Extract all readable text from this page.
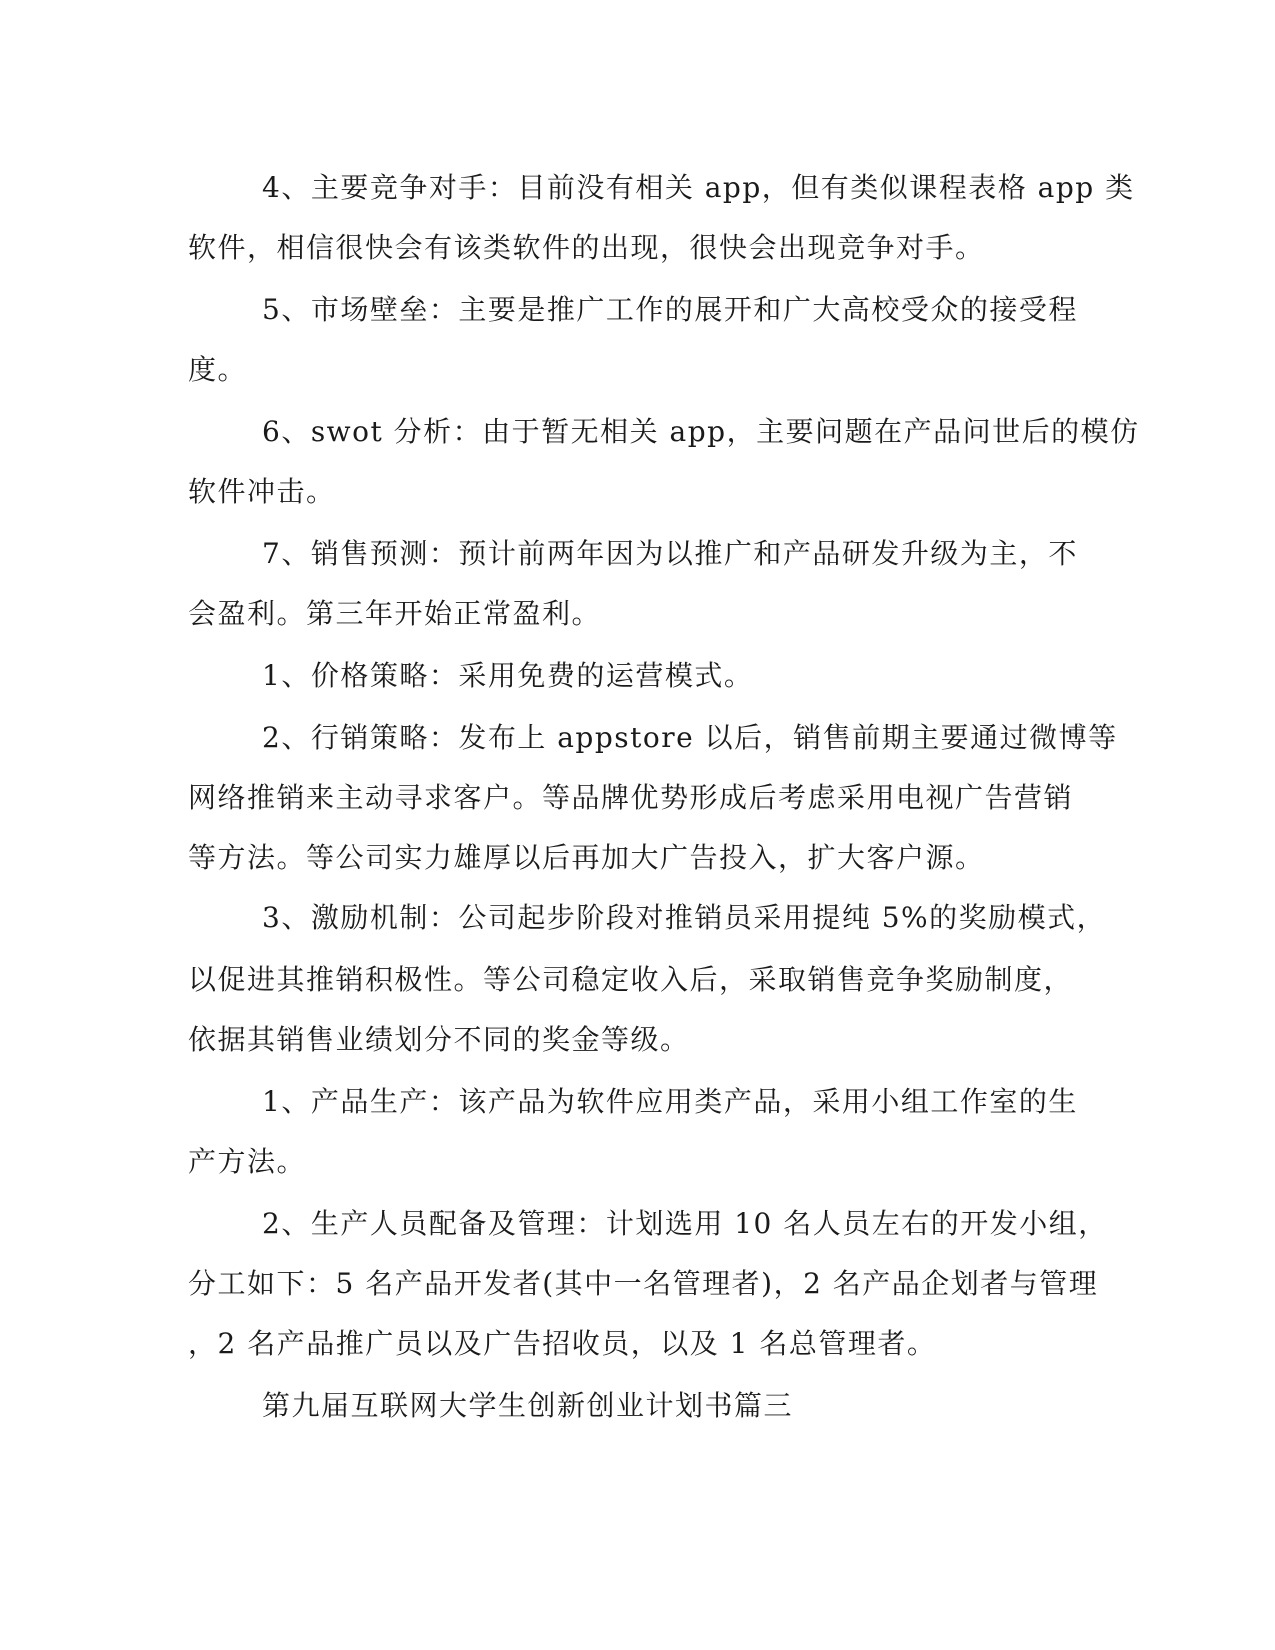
4、主要竞争对手：目前没有相关 app，但有类似课程表格 app 类
软件，相信很快会有该类软件的出现，很快会出现竞争对手。
5、市场壁垒：主要是推广工作的展开和广大高校受众的接受程
度。
6、swot 分析：由于暂无相关 app，主要问题在产品问世后的模仿
软件冲击。
7、销售预测：预计前两年因为以推广和产品研发升级为主，不
会盈利。第三年开始正常盈利。
1、价格策略：采用免费的运营模式。
2、行销策略：发布上 appstore 以后，销售前期主要通过微博等
网络推销来主动寻求客户。等品牌优势形成后考虑采用电视广告营销
等方法。等公司实力雄厚以后再加大广告投入，扩大客户源。
3、激励机制：公司起步阶段对推销员采用提纯 5%的奖励模式，
以促进其推销积极性。等公司稳定收入后，采取销售竞争奖励制度，
依据其销售业绩划分不同的奖金等级。
1、产品生产：该产品为软件应用类产品，采用小组工作室的生
产方法。
2、生产人员配备及管理：计划选用 10 名人员左右的开发小组，
分工如下：5 名产品开发者(其中一名管理者)，2 名产品企划者与管理
，2 名产品推广员以及广告招收员，以及 1 名总管理者。
第九届互联网大学生创新创业计划书篇三
